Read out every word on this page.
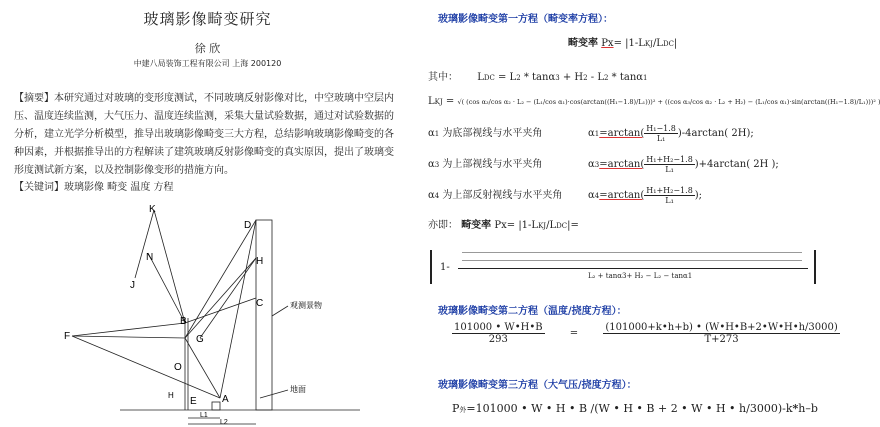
玻璃影像畸变研究
徐 欣
中建八局装饰工程有限公司 上海 200120
【摘要】本研究通过对玻璃的变形度测试，不同玻璃反射影像对比，中空玻璃中空层内压、温度连续监测，大气压力、温度连续监测，采集大量试验数据，通过对试验数据的分析，建立光学分析模型，推导出玻璃影像畸变三大方程，总结影响玻璃影像畸变的各种因素，并根据推导出的方程解读了建筑玻璃反射影像畸变的真实原因，提出了玻璃变形度测试新方案，以及控制影像变形的措施方向。
【关键词】玻璃影像 畸变 温度 方程
K
N
J
D
H
C
F
B
G
O
A
E
H
观测景物
地面
L1
L2
玻璃影像畸变第一方程（畸变率方程）：
畸变率 Px= |1-LKJ/LDC|
其中： LDC = L2 * tanα3 + H2 - L2 * tanα1
LKJ = √( (cos α₃/cos α₂ · L₂ − (L₁/cos α₁)·cos(arctan((H₁−1.8)/L₁)))² + ((cos α₃/cos α₂ · L₂ + H₂) − (L₁/cos α₁)·sin(arctan((H₁−1.8)/L₁)))² )
α1 为底部视线与水平夹角	$\alpha 1=\arctan( \frac{\text{H₁−1.8}}{\text{L₁}} )-4\arctan$( 2H);
α3 为上部视线与水平夹角	$\alpha 3=\arctan( \frac{\text{H₁+H₂−1.8}}{\text{L₁}} )+4\arctan$( 2H );
α4 为上部反射视线与水平夹角	$\alpha 4=\arctan( \frac{\text{H₁+H₂−1.8}}{\text{L₁}}$ );
亦即： 畸变率 Px= |1-LKJ/LDC|=
1-
L₂ + tanα3+ H₂ − L₂ − tanα1
玻璃影像畸变第二方程（温度/挠度方程）：
$\frac{101000 • W•H•B}{293}$	=	$\frac{(101000+k•h+b) • (W•H•B+2•W•H•h/3000)}{T+273}$
玻璃影像畸变第三方程（大气压/挠度方程）：
P外=101000 • W • H • B /(W • H • B + 2 • W • H • h/3000)-k*h–b
